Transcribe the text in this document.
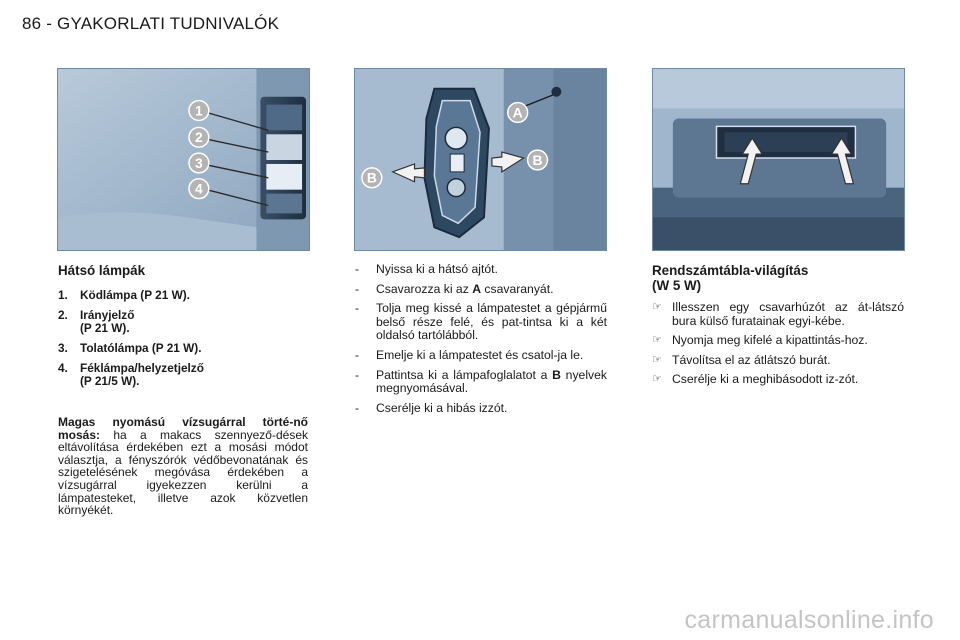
86 - GYAKORLATI TUDNIVALÓK
1
2
3
4
A
B
B
Hátsó lámpák
1.	Ködlámpa (P 21 W).
2.	Irányjelző
(P 21 W).
3.	Tolatólámpa (P 21 W).
4.	Féklámpa/helyzetjelző
(P 21/5 W).

Magas nyomású vízsugárral törté-nő mosás: ha a makacs szennyező-dések eltávolítása érdekében ezt a mosási módot választja, a fényszórók védőbevonatának és szigetelésének megóvása érdekében a vízsugárral igyekezzen kerülni a lámpatesteket, illetve azok közvetlen környékét.

-	Nyissa ki a hátsó ajtót.
-	Csavarozza ki az A csavaranyát.
-	Tolja meg kissé a lámpatestet a gépjármű belső része felé, és pat-tintsa ki a két oldalsó tartólábból.
-	Emelje ki a lámpatestet és csatol-ja le.
-	Pattintsa ki a lámpafoglalatot a B nyelvek megnyomásával.
-	Cserélje ki a hibás izzót.
Rendszámtábla-világítás
(W 5 W)
☞ Illesszen egy csavarhúzót az át-látszó bura külső furatainak egyi-kébe.
☞ Nyomja meg kifelé a kipattintás-hoz.
☞ Távolítsa el az átlátszó burát.
☞ Cserélje ki a meghibásodott iz-zót.
carmanualsonline.info
